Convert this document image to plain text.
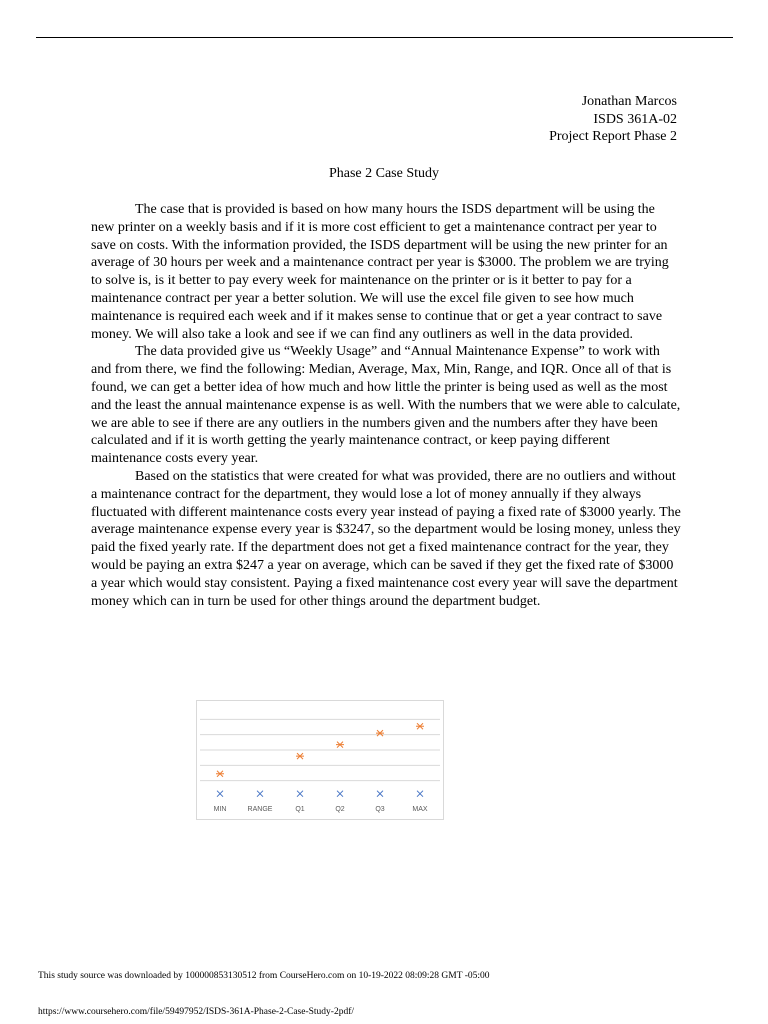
Jonathan Marcos
ISDS 361A-02
Project Report Phase 2
Phase 2 Case Study

The case that is provided is based on how many hours the ISDS department will be using the new printer on a weekly basis and if it is more cost efficient to get a maintenance contract per year to save on costs. With the information provided, the ISDS department will be using the new printer for an average of 30 hours per week and a maintenance contract per year is $3000. The problem we are trying to solve is, is it better to pay every week for maintenance on the printer or is it better to pay for a maintenance contract per year a better solution. We will use the excel file given to see how much maintenance is required each week and if it makes sense to continue that or get a year contract to save money. We will also take a look and see if we can find any outliners as well in the data provided.

The data provided give us “Weekly Usage” and “Annual Maintenance Expense” to work with and from there, we find the following: Median, Average, Max, Min, Range, and IQR. Once all of that is found, we can get a better idea of how much and how little the printer is being used as well as the most and the least the annual maintenance expense is as well. With the numbers that we were able to calculate, we are able to see if there are any outliers in the numbers given and the numbers after they have been calculated and if it is worth getting the yearly maintenance contract, or keep paying different maintenance costs every year.

Based on the statistics that were created for what was provided, there are no outliers and without a maintenance contract for the department, they would lose a lot of money annually if they always fluctuated with different maintenance costs every year instead of paying a fixed rate of $3000 yearly. The average maintenance expense every year is $3247, so the department would be losing money, unless they paid the fixed yearly rate. If the department does not get a fixed maintenance contract for the year, they would be paying an extra $247 a year on average, which can be saved if they get the fixed rate of $3000 a year which would stay consistent. Paying a fixed maintenance cost every year will save the department money which can in turn be used for other things around the department budget.

MIN	RANGE	Q1	Q2	Q3	MAX
This study source was downloaded by 100000853130512 from CourseHero.com on 10-19-2022 08:09:28 GMT -05:00
https://www.coursehero.com/file/59497952/ISDS-361A-Phase-2-Case-Study-2pdf/
